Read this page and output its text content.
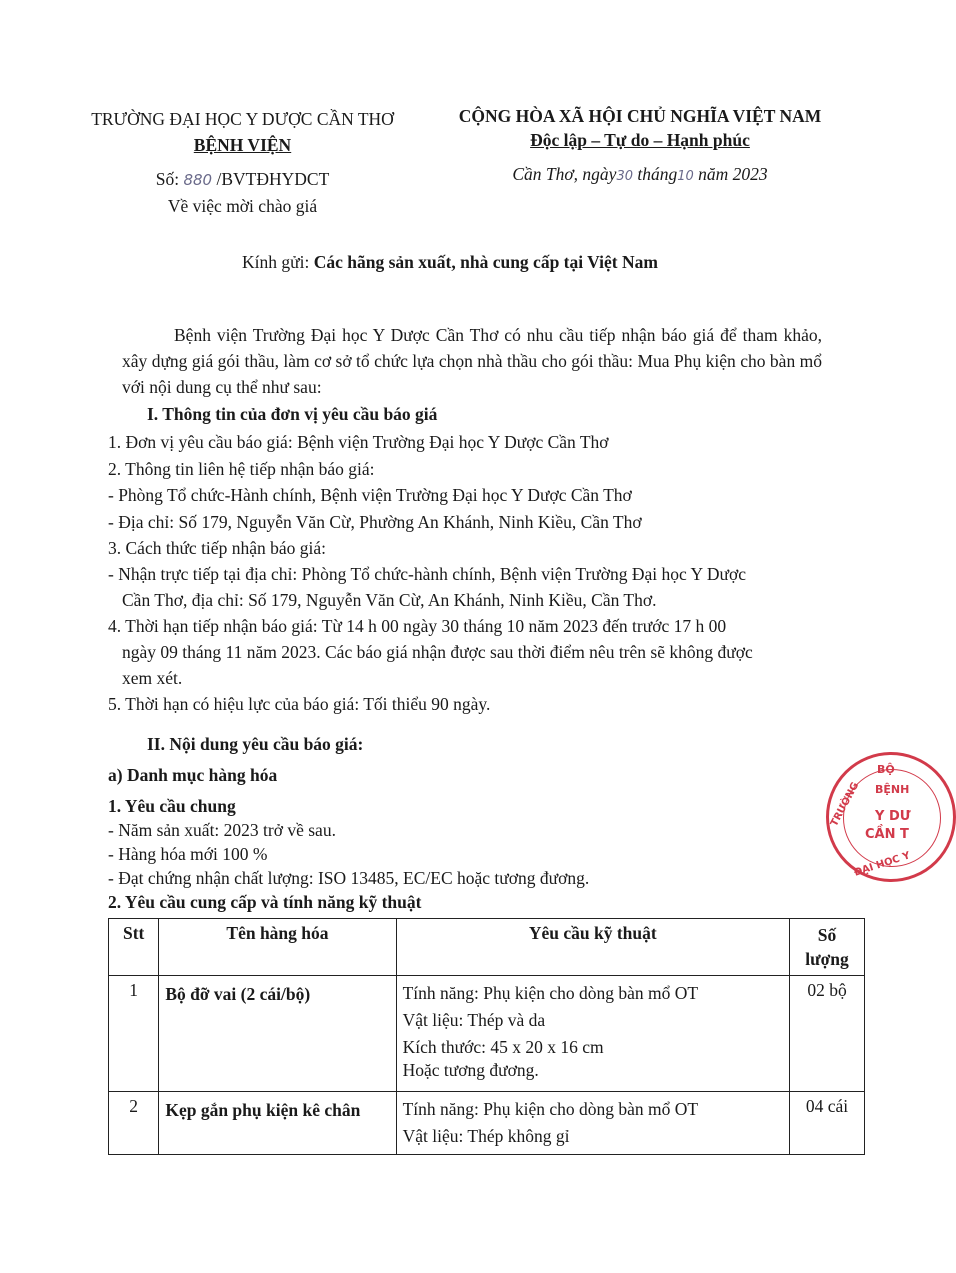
TRƯỜNG ĐẠI HỌC Y DƯỢC CẦN THƠ
BỆNH VIỆN
Số: 880 /BVTĐHYDCT
Về việc mời chào giá
CỘNG HÒA XÃ HỘI CHỦ NGHĨA VIỆT NAM
Độc lập – Tự do – Hạnh phúc
Cần Thơ, ngày30 tháng10 năm 2023
Kính gửi: Các hãng sản xuất, nhà cung cấp tại Việt Nam
Bệnh viện Trường Đại học Y Dược Cần Thơ có nhu cầu tiếp nhận báo giá để tham khảo, xây dựng giá gói thầu, làm cơ sở tổ chức lựa chọn nhà thầu cho gói thầu: Mua Phụ kiện cho bàn mổ với nội dung cụ thể như sau:
I. Thông tin của đơn vị yêu cầu báo giá
1. Đơn vị yêu cầu báo giá: Bệnh viện Trường Đại học Y Dược Cần Thơ
2. Thông tin liên hệ tiếp nhận báo giá:
- Phòng Tổ chức-Hành chính, Bệnh viện Trường Đại học Y Dược Cần Thơ
- Địa chỉ: Số 179, Nguyễn Văn Cừ, Phường An Khánh, Ninh Kiều, Cần Thơ
3. Cách thức tiếp nhận báo giá:
- Nhận trực tiếp tại địa chỉ: Phòng Tổ chức-hành chính, Bệnh viện Trường Đại học Y Dược
Cần Thơ, địa chỉ: Số 179, Nguyễn Văn Cừ, An Khánh, Ninh Kiều, Cần Thơ.
4. Thời hạn tiếp nhận báo giá: Từ 14 h 00 ngày 30 tháng 10 năm 2023 đến trước 17 h 00
ngày 09 tháng 11 năm 2023. Các báo giá nhận được sau thời điểm nêu trên sẽ không được
xem xét.
5. Thời hạn có hiệu lực của báo giá: Tối thiểu 90 ngày.
II. Nội dung yêu cầu báo giá:
a) Danh mục hàng hóa
1. Yêu cầu chung
- Năm sản xuất: 2023 trở về sau.
- Hàng hóa mới 100 %
- Đạt chứng nhận chất lượng: ISO 13485, EC/EC hoặc tương đương.
2. Yêu cầu cung cấp và tính năng kỹ thuật
Stt	Tên hàng hóa	Yêu cầu kỹ thuật	Số lượng
1	Bộ đỡ vai (2 cái/bộ)	Tính năng: Phụ kiện cho dòng bàn mổ OT
Vật liệu: Thép và da
Kích thước: 45 x 20 x 16 cm
Hoặc tương đương.	02 bộ
2	Kẹp gắn phụ kiện kê chân	Tính năng: Phụ kiện cho dòng bàn mổ OT
Vật liệu: Thép không gỉ	04 cái
BỘ
TRƯỜNG BỆNH
Y DƯ
CẦN T
ĐẠI HỌC Y
